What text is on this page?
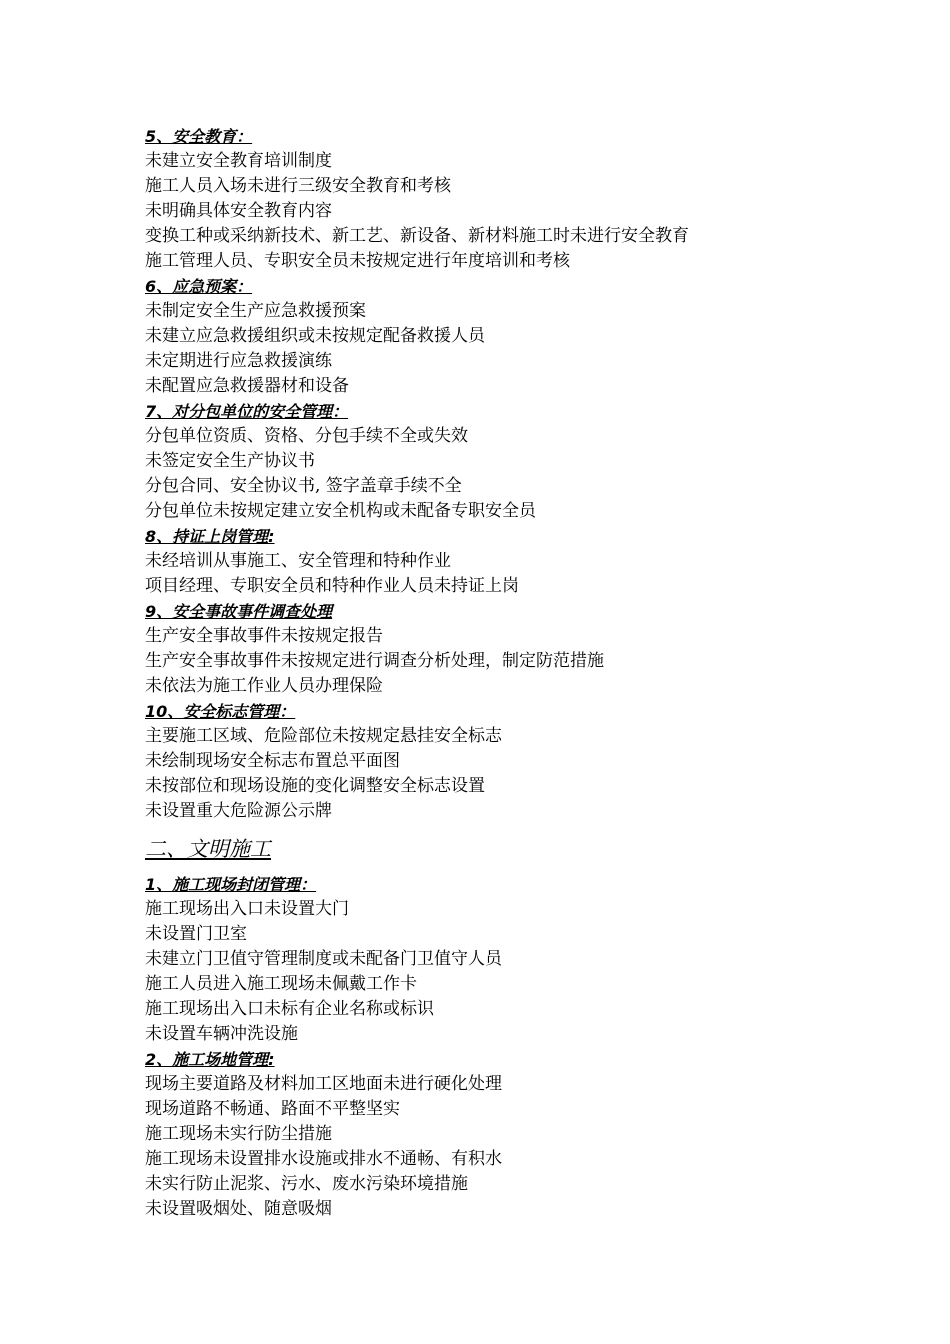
5、安全教育：
未建立安全教育培训制度
施工人员入场未进行三级安全教育和考核
未明确具体安全教育内容
变换工种或采纳新技术、新工艺、新设备、新材料施工时未进行安全教育
施工管理人员、专职安全员未按规定进行年度培训和考核
6、应急预案：
未制定安全生产应急救援预案
未建立应急救援组织或未按规定配备救援人员
未定期进行应急救援演练
未配置应急救援器材和设备
7、对分包单位的安全管理：
分包单位资质、资格、分包手续不全或失效
未签定安全生产协议书
分包合同、安全协议书, 签字盖章手续不全
分包单位未按规定建立安全机构或未配备专职安全员
8、持证上岗管理:
未经培训从事施工、安全管理和特种作业
项目经理、专职安全员和特种作业人员未持证上岗
9、安全事故事件调查处理
生产安全事故事件未按规定报告
生产安全事故事件未按规定进行调查分析处理，制定防范措施
未依法为施工作业人员办理保险
10、安全标志管理：
主要施工区域、危险部位未按规定悬挂安全标志
未绘制现场安全标志布置总平面图
未按部位和现场设施的变化调整安全标志设置
未设置重大危险源公示牌
二、文明施工
1、施工现场封闭管理：
施工现场出入口未设置大门
未设置门卫室
未建立门卫值守管理制度或未配备门卫值守人员
施工人员进入施工现场未佩戴工作卡
施工现场出入口未标有企业名称或标识
未设置车辆冲洗设施
2、施工场地管理:
现场主要道路及材料加工区地面未进行硬化处理
现场道路不畅通、路面不平整坚实
施工现场未实行防尘措施
施工现场未设置排水设施或排水不通畅、有积水
未实行防止泥浆、污水、废水污染环境措施
未设置吸烟处、随意吸烟
